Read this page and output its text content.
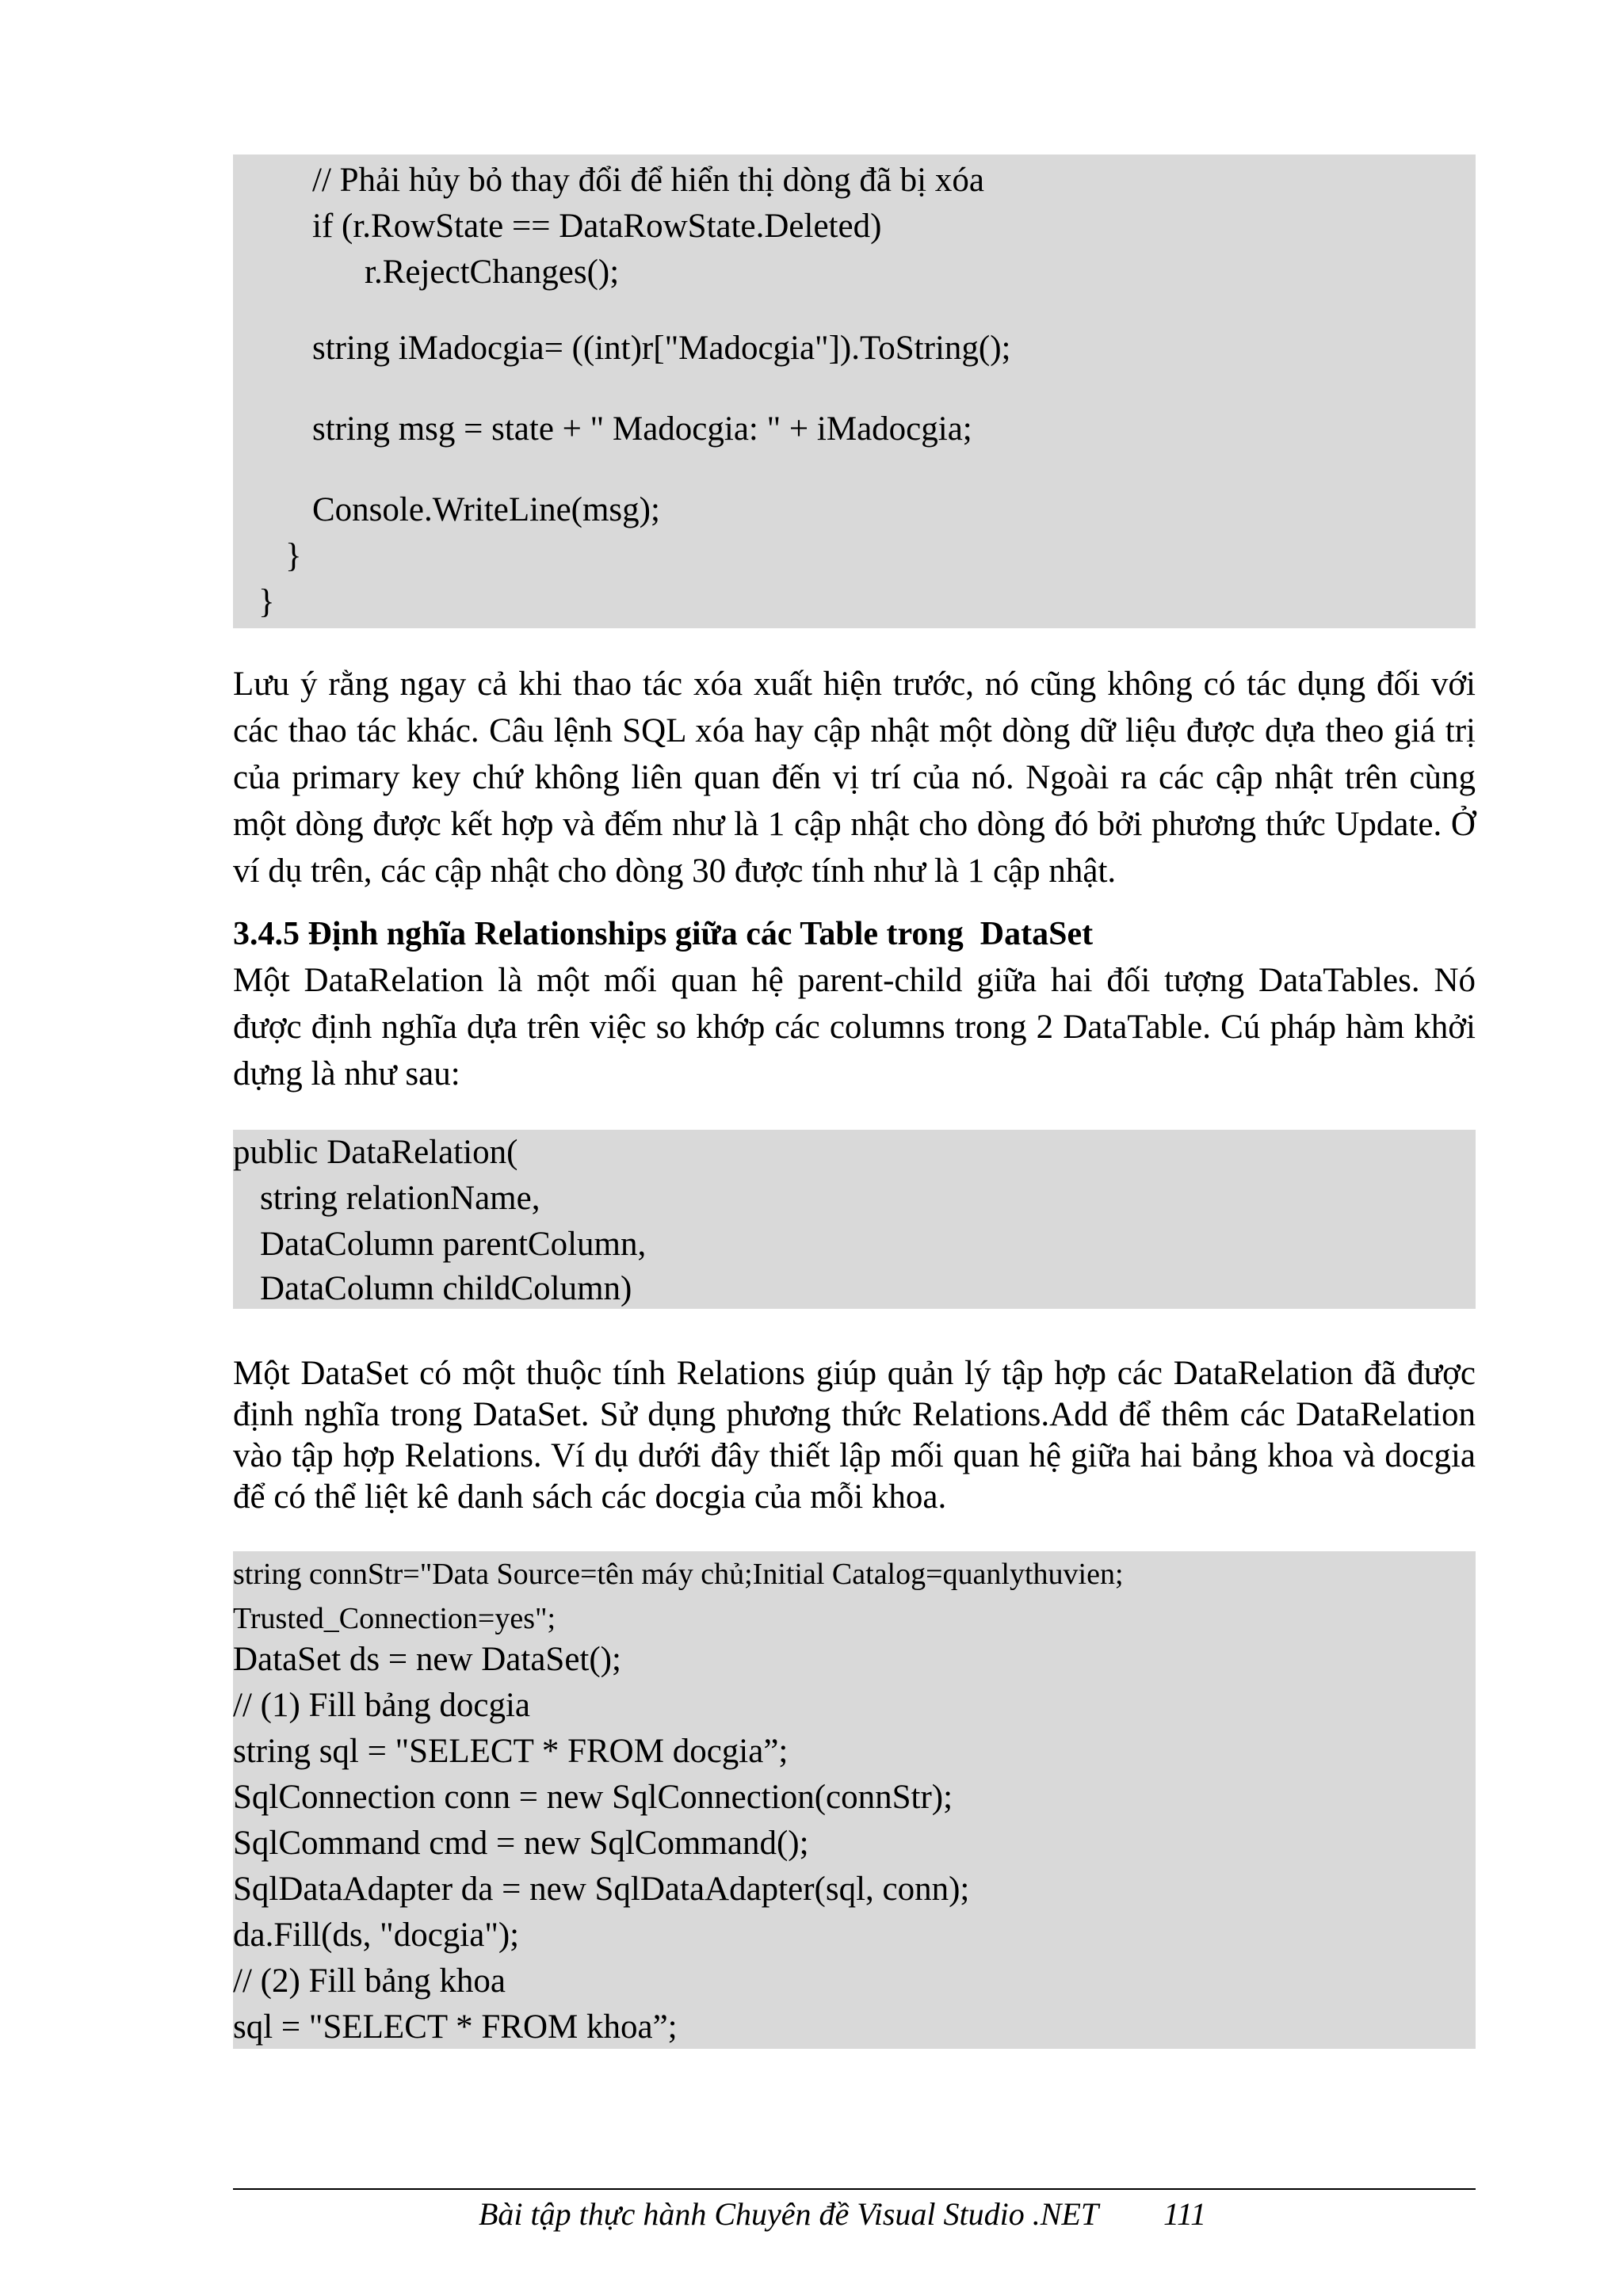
// Phải hủy bỏ thay đổi để hiển thị dòng đã bị xóa
if (r.RowState == DataRowState.Deleted)
r.RejectChanges();
string iMadocgia= ((int)r["Madocgia"]).ToString();
string msg = state + " Madocgia: " + iMadocgia;
Console.WriteLine(msg);
}
}
Lưu ý rằng ngay cả khi thao tác xóa xuất hiện trước, nó cũng không có tác dụng đối với các thao tác khác. Câu lệnh SQL xóa hay cập nhật một dòng dữ liệu được dựa theo giá trị của primary key chứ không liên quan đến vị trí của nó. Ngoài ra các cập nhật trên cùng một dòng được kết hợp và đếm như là 1 cập nhật cho dòng đó bởi phương thức Update. Ở ví dụ trên, các cập nhật cho dòng 30 được tính như là 1 cập nhật.
3.4.5 Định nghĩa Relationships giữa các Table trong  DataSet
Một DataRelation là một mối quan hệ parent-child giữa hai đối tượng DataTables. Nó được định nghĩa dựa trên việc so khớp các columns trong 2 DataTable. Cú pháp hàm khởi dựng là như sau:
public DataRelation(
string relationName,
DataColumn parentColumn,
DataColumn childColumn)
Một DataSet có một thuộc tính Relations giúp quản lý tập hợp các DataRelation đã được định nghĩa trong DataSet. Sử dụng phương thức Relations.Add để thêm các DataRelation vào tập hợp Relations. Ví dụ dưới đây thiết lập mối quan hệ giữa hai bảng khoa và docgia để có thể liệt kê danh sách các docgia của mỗi khoa.
string connStr="Data Source=tên máy chủ;Initial Catalog=quanlythuvien;
Trusted_Connection=yes";
DataSet ds = new DataSet();
// (1) Fill bảng docgia
string sql = "SELECT * FROM docgia”;
SqlConnection conn = new SqlConnection(connStr);
SqlCommand cmd = new SqlCommand();
SqlDataAdapter da = new SqlDataAdapter(sql, conn);
da.Fill(ds, "docgia");
// (2) Fill bảng khoa
sql = "SELECT * FROM khoa”;
Bài tập thực hành Chuyên đề Visual Studio .NET 111
